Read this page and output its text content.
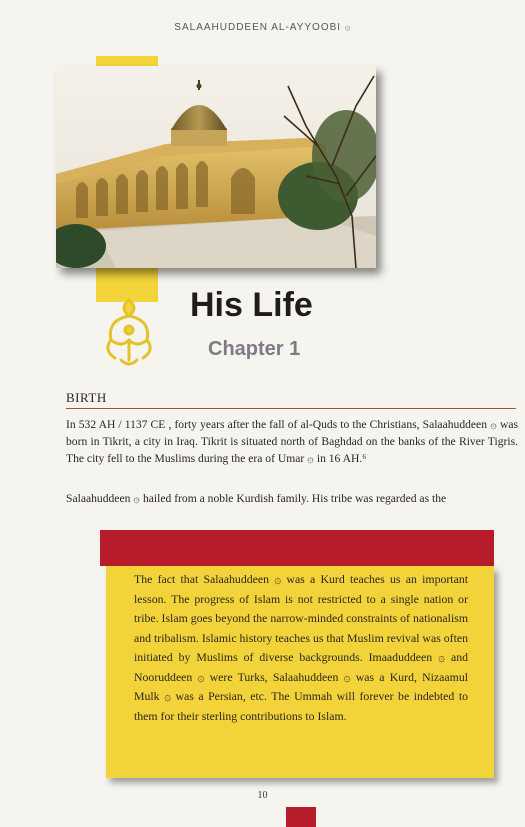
SALAAHUDDEEN AL-AYYOOBI ۞
His Life
Chapter 1
BIRTH
In 532 AH / 1137 CE , forty years after the fall of al-Quds to the Christians, Salaahuddeen ۞ was born in Tikrit, a city in Iraq. Tikrit is situated north of Baghdad on the banks of the River Tigris. The city fell to the Muslims during the era of Umar ۞ in 16 AH.⁶
Salaahuddeen ۞ hailed from a noble Kurdish family. His tribe was regarded as the
The fact that Salaahuddeen ۞ was a Kurd teaches us an important lesson. The progress of Islam is not restricted to a single nation or tribe. Islam goes beyond the narrow-minded constraints of nationalism and tribalism. Islamic history teaches us that Muslim revival was often initiated by Muslims of diverse backgrounds. Imaaduddeen ۞ and Nooruddeen ۞ were Turks, Salaahuddeen ۞ was a Kurd, Nizaamul Mulk ۞ was a Persian, etc. The Ummah will forever be indebted to them for their sterling contributions to Islam.
10
